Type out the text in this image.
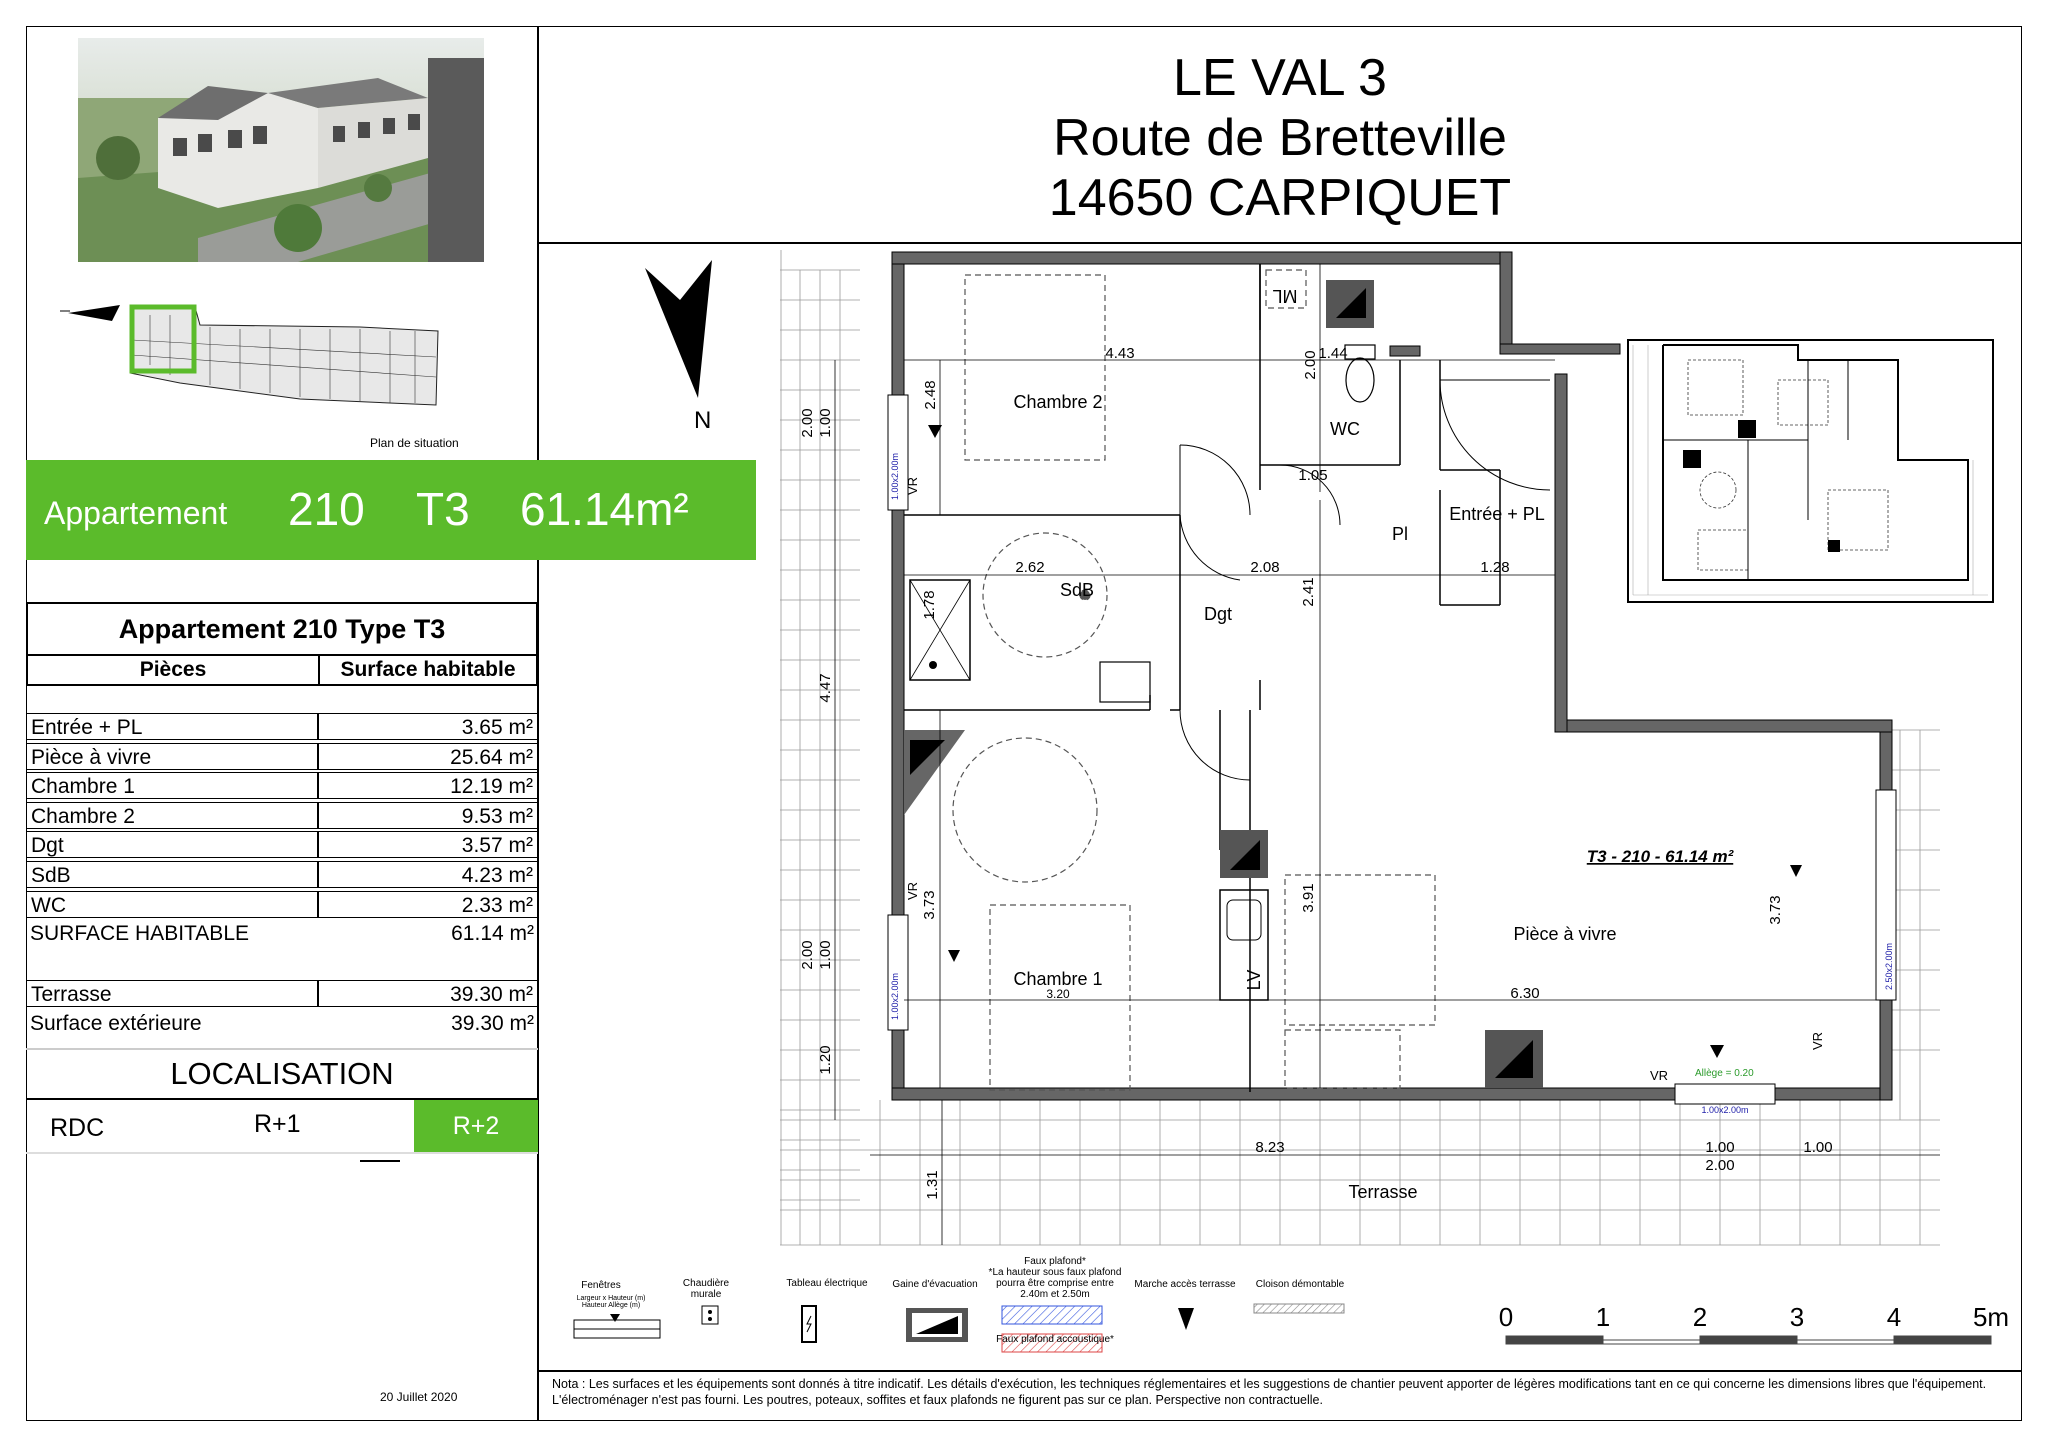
LE VAL 3
Route de Bretteville
14650 CARPIQUET
Plan de situation
Appartement 210 T3 61.14m²
Appartement 210 Type T3
Pièces	Surface habitable
Entrée + PL	3.65 m²
Pièce à vivre	25.64 m²
Chambre 1	12.19 m²
Chambre 2	9.53 m²
Dgt	3.57 m²
SdB	4.23 m²
WC	2.33 m²
SURFACE HABITABLE	61.14 m²
Terrasse	39.30 m²
Surface extérieure	39.30 m²
LOCALISATION
RDC	R+1	R+2
20 Juillet 2020
N
Chambre 2
WC
Entrée + PL
Pl
SdB
Dgt
Chambre 1
Pièce à vivre
Terrasse
ML
LV
T3 - 210 - 61.14 m²
4.43	1.44
2.00
2.48
1.05
2.62	2.08
2.41
1.28
1.78
4.47
3.73	3.91
3.20	6.30
3.73
8.23
1.00
2.00
1.31
1.00
2.00
1.00	1.00
2.00
1.20
VR
VR
VR
VR	Allège = 0.20
1.00x2.00m
1.00x2.00m
2.50x2.00m
1.00x2.00m
Fenêtres
Largeur x Hauteur (m)
Hauteur Allège (m)
Chaudière murale
Tableau électrique	Gaine d'évacuation
Faux plafond*
*La hauteur sous faux plafond
pourra être comprise entre
2.40m et 2.50m
Faux plafond accoustique*
Marche accès terrasse	Cloison démontable
0	1	2	3	4	5m
Nota : Les surfaces et les équipements sont donnés à titre indicatif. Les détails d'exécution, les techniques réglementaires et les suggestions de chantier peuvent apporter de légères modifications tant en ce qui concerne les dimensions libres que l'équipement. L'électroménager n'est pas fourni. Les poutres, poteaux, soffites et faux plafonds ne figurent pas sur ce plan. Perspective non contractuelle.
